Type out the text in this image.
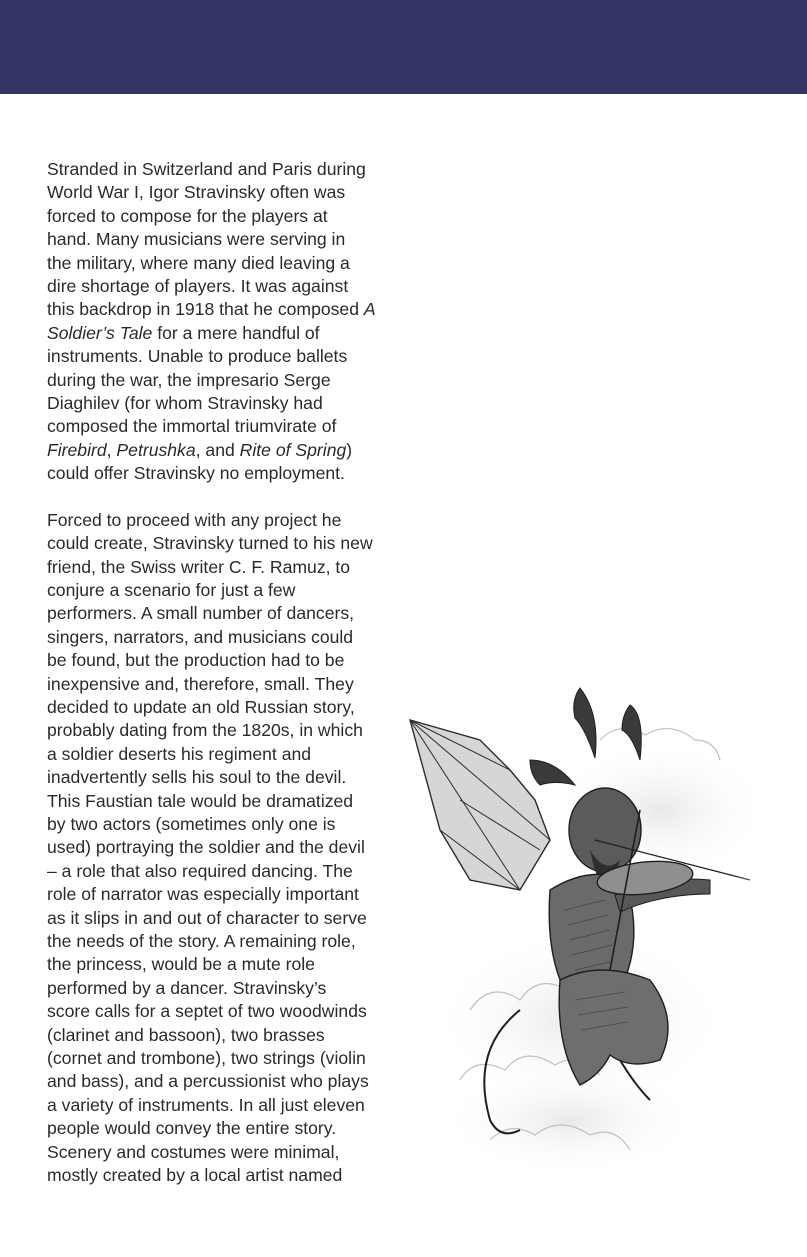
Stranded in Switzerland and Paris during
World War I, Igor Stravinsky often was
forced to compose for the players at
hand. Many musicians were serving in
the military, where many died leaving a
dire shortage of players. It was against
this backdrop in 1918 that he composed A
Soldier’s Tale for a mere handful of
instruments. Unable to produce ballets
during the war, the impresario Serge
Diaghilev (for whom Stravinsky had
composed the immortal triumvirate of
Firebird, Petrushka, and Rite of Spring)
could offer Stravinsky no employment.

Forced to proceed with any project he
could create, Stravinsky turned to his new
friend, the Swiss writer C. F. Ramuz, to
conjure a scenario for just a few
performers. A small number of dancers,
singers, narrators, and musicians could
be found, but the production had to be
inexpensive and, therefore, small. They
decided to update an old Russian story,
probably dating from the 1820s, in which
a soldier deserts his regiment and
inadvertently sells his soul to the devil.
This Faustian tale would be dramatized
by two actors (sometimes only one is
used) portraying the soldier and the devil
– a role that also required dancing. The
role of narrator was especially important
as it slips in and out of character to serve
the needs of the story. A remaining role,
the princess, would be a mute role
performed by a dancer. Stravinsky’s
score calls for a septet of two woodwinds
(clarinet and bassoon), two brasses
(cornet and trombone), two strings (violin
and bass), and a percussionist who plays
a variety of instruments. In all just eleven
people would convey the entire story.
Scenery and costumes were minimal,
mostly created by a local artist named
